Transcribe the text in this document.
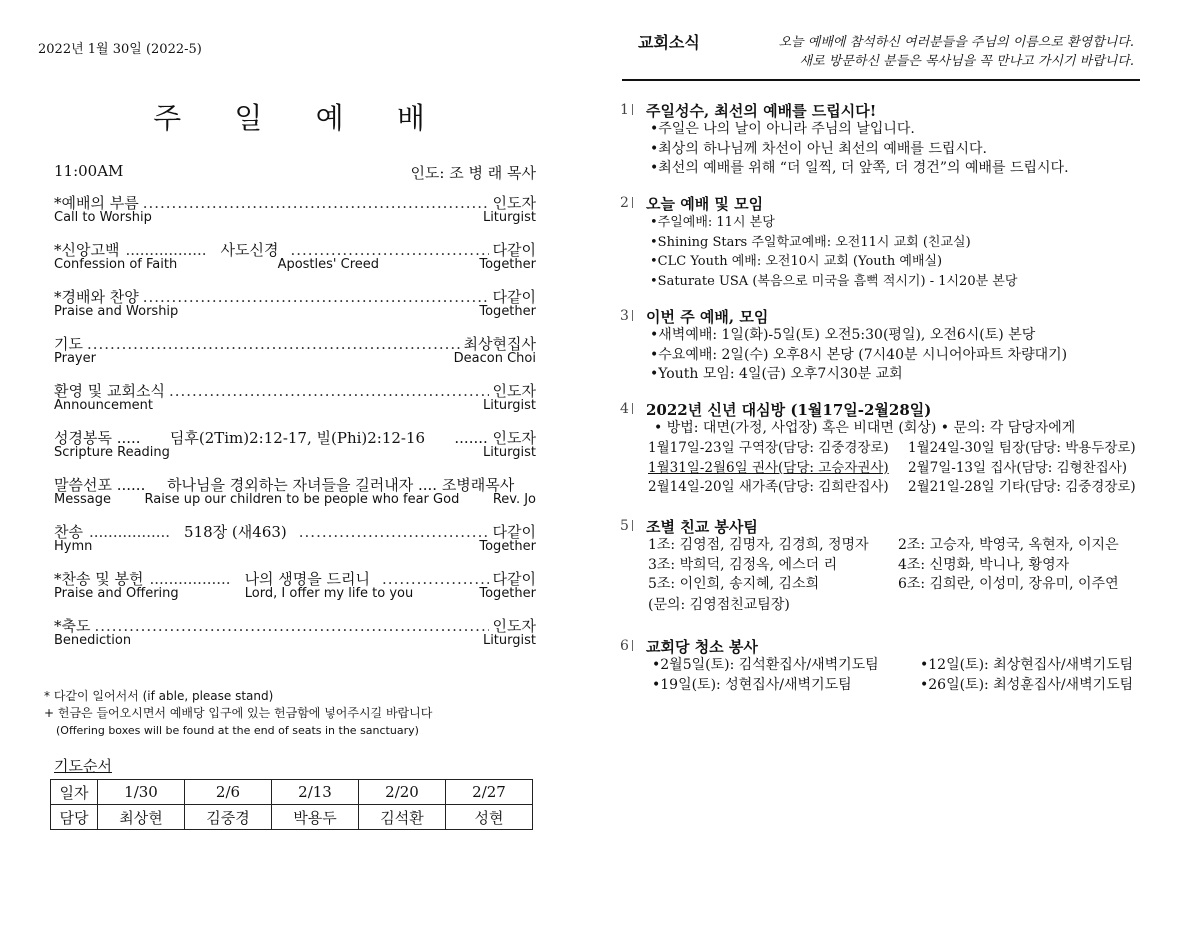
2022년 1월 30일 (2022-5)
주 일 예 배
11:00AM	인도: 조 병 래 목사
*예배의 부름 .....	인도자
Call to Worship	Liturgist
*신앙고백 ................. 사도신경 .....	다같이
Confession of Faith	Apostles' Creed	Together
*경배와 찬양 .....	다같이
Praise and Worship	Together
기도 .....	최상현집사
Prayer	Deacon Choi
환영 및 교회소식 .....	인도자
Announcement	Liturgist
성경봉독 ..... 딤후(2Tim)2:12-17, 빌(Phi)2:12-16 ....... 인도자
Scripture Reading	Liturgist
말씀선포 ...... 하나님을 경외하는 자녀들을 길러내자 .... 조병래목사
Message	Raise up our children to be people who fear God	Rev. Jo
찬송 ................. 518장 (새463) .....	다같이
Hymn	Together
*찬송 및 봉헌 ................. 나의 생명을 드리니 .....	다같이
Praise and Offering	Lord, I offer my life to you	Together
*축도 .....	인도자
Benediction	Liturgist
* 다같이 일어서서 (if able, please stand)
+ 헌금은 들어오시면서 예배당 입구에 있는 헌금함에 넣어주시길 바랍니다
(Offering boxes will be found at the end of seats in the sanctuary)
기도순서
일자	1/30	2/6	2/13	2/20	2/27
담당	최상현	김중경	박용두	김석환	성현
교회소식	오늘 예배에 참석하신 여러분들을 주님의 이름으로 환영합니다.
새로 방문하신 분들은 목사님을 꼭 만나고 가시기 바랍니다.
1 주일성수, 최선의 예배를 드립시다!
• 주일은 나의 날이 아니라 주님의 날입니다.
• 최상의 하나님께 차선이 아닌 최선의 예배를 드립시다.
• 최선의 예배를 위해 “더 일찍, 더 앞쪽, 더 경건”의 예배를 드립시다.
2 오늘 예배 및 모임
• 주일예배: 11시 본당
• Shining Stars 주일학교예배: 오전11시 교회 (친교실)
• CLC Youth 예배: 오전10시 교회 (Youth 예배실)
• Saturate USA (복음으로 미국을 흠뻑 적시기) - 1시20분 본당
3 이번 주 예배, 모임
• 새벽예배: 1일(화)-5일(토) 오전5:30(평일), 오전6시(토) 본당
• 수요예배: 2일(수) 오후8시 본당 (7시40분 시니어아파트 차량대기)
• Youth 모임: 4일(금) 오후7시30분 교회
4 2022년 신년 대심방 (1월17일-2월28일)
• 방법: 대면(가정, 사업장) 혹은 비대면 (회상) • 문의: 각 담당자에게
1월17일-23일 구역장(담당: 김중경장로) 1월24일-30일 팀장(담당: 박용두장로)
1월31일-2월6일 권사(담당: 고승자권사) 2월7일-13일 집사(담당: 김형찬집사)
2월14일-20일 새가족(담당: 김희란집사) 2월21일-28일 기타(담당: 김중경장로)
5 조별 친교 봉사팀
1조: 김영점, 김명자, 김경희, 정명자 2조: 고승자, 박영국, 옥현자, 이지은
3조: 박희덕, 김정옥, 에스더 리	4조: 신명화, 박니나, 황영자
5조: 이인희, 송지혜, 김소희	6조: 김희란, 이성미, 장유미, 이주연
(문의: 김영점친교팀장)
6 교회당 청소 봉사
•2월5일(토): 김석환집사/새벽기도팀	•12일(토): 최상현집사/새벽기도팀
•19일(토): 성현집사/새벽기도팀	•26일(토): 최성훈집사/새벽기도팀
